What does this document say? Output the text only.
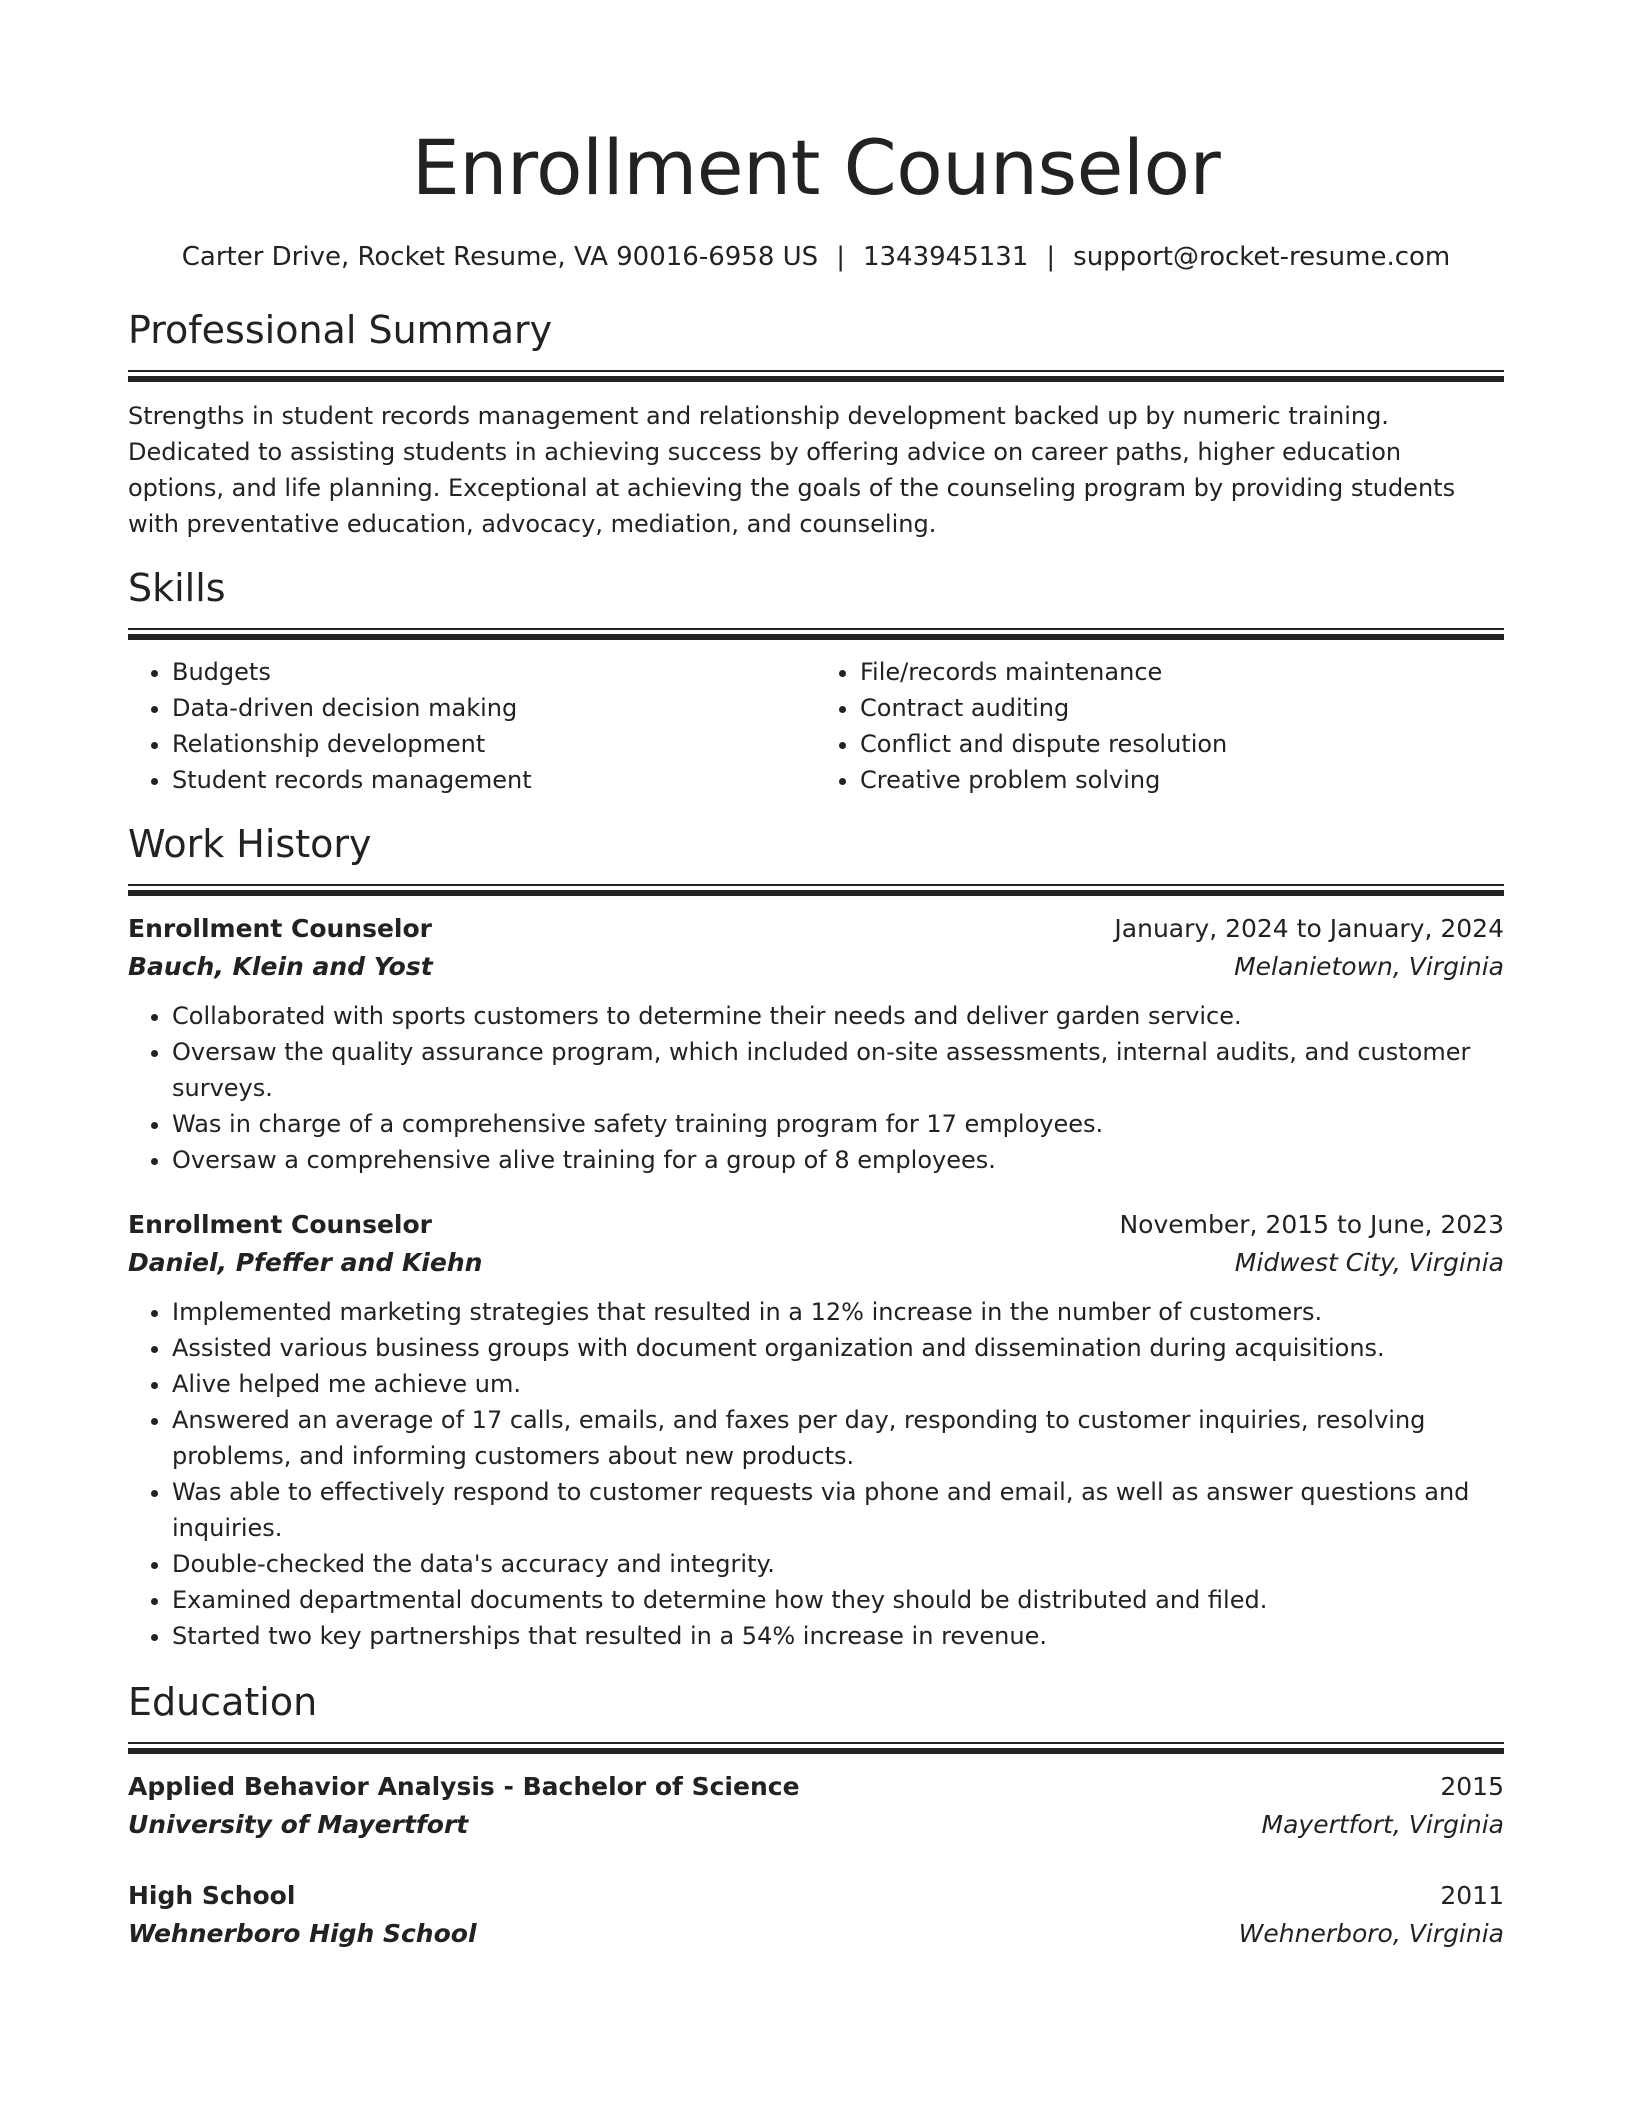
Enrollment Counselor
Carter Drive, Rocket Resume, VA 90016-6958 US | 1343945131 | support@rocket-resume.com
Professional Summary

Strengths in student records management and relationship development backed up by numeric training. Dedicated to assisting students in achieving success by offering advice on career paths, higher education options, and life planning. Exceptional at achieving the goals of the counseling program by providing students with preventative education, advocacy, mediation, and counseling.

Skills
• Budgets
• Data-driven decision making
• Relationship development
• Student records management
• File/records maintenance
• Contract auditing
• Conflict and dispute resolution
• Creative problem solving
Work History
Enrollment Counselor	January, 2024 to January, 2024
Bauch, Klein and Yost	Melanietown, Virginia
• Collaborated with sports customers to determine their needs and deliver garden service.
• Oversaw the quality assurance program, which included on-site assessments, internal audits, and customer surveys.
• Was in charge of a comprehensive safety training program for 17 employees.
• Oversaw a comprehensive alive training for a group of 8 employees.
Enrollment Counselor	November, 2015 to June, 2023
Daniel, Pfeffer and Kiehn	Midwest City, Virginia
• Implemented marketing strategies that resulted in a 12% increase in the number of customers.
• Assisted various business groups with document organization and dissemination during acquisitions.
• Alive helped me achieve um.
• Answered an average of 17 calls, emails, and faxes per day, responding to customer inquiries, resolving problems, and informing customers about new products.
• Was able to effectively respond to customer requests via phone and email, as well as answer questions and inquiries.
• Double-checked the data's accuracy and integrity.
• Examined departmental documents to determine how they should be distributed and filed.
• Started two key partnerships that resulted in a 54% increase in revenue.
Education
Applied Behavior Analysis - Bachelor of Science	2015
University of Mayertfort	Mayertfort, Virginia
High School	2011
Wehnerboro High School	Wehnerboro, Virginia
